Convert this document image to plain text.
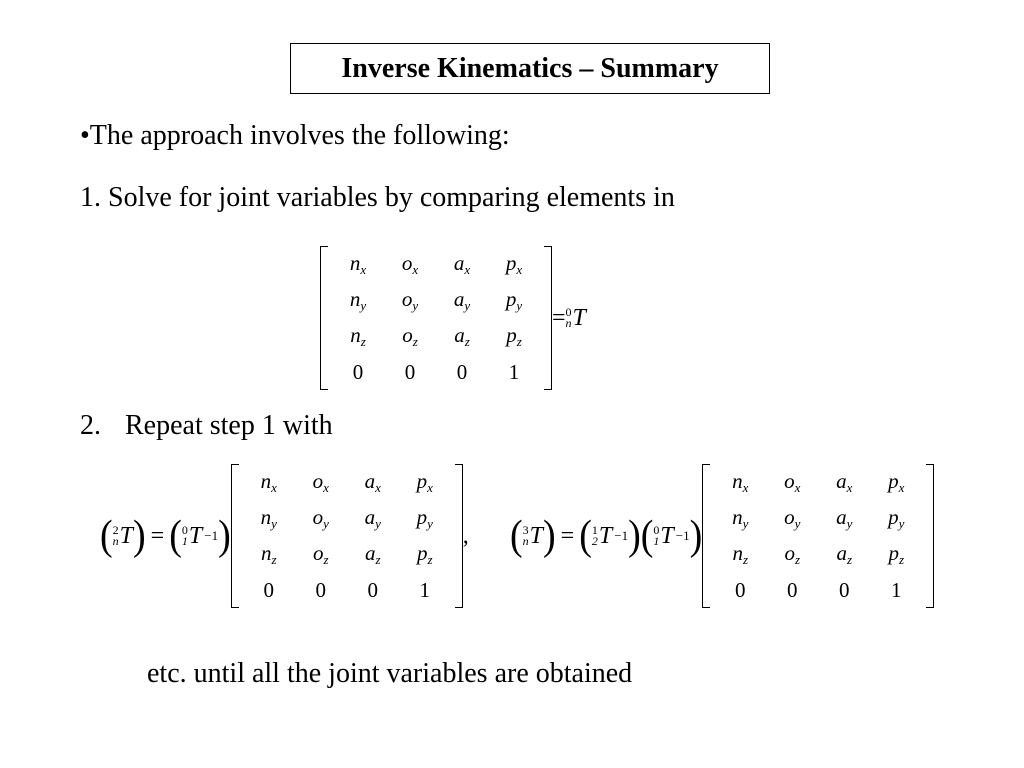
Inverse Kinematics – Summary
•The approach involves the following:
1. Solve for joint variables by comparing elements in
$n_x$	$o_x$	$a_x$	$p_x$
$n_y$	$o_y$	$a_y$	$p_y$
$n_z$	$o_z$	$a_z$	$p_z$
0	0	0	1
= 0
n T
2. Repeat step 1 with
( 2
n T ) = ( 0
1 T −1 )
$n_x$	$o_x$	$a_x$	$p_x$
$n_y$	$o_y$	$a_y$	$p_y$
$n_z$	$o_z$	$a_z$	$p_z$
0	0	0	1
, ( 3
n T ) = ( 1
2 T −1 ) ( 0
1 T −1 )
$n_x$	$o_x$	$a_x$	$p_x$
$n_y$	$o_y$	$a_y$	$p_y$
$n_z$	$o_z$	$a_z$	$p_z$
0	0	0	1
etc. until all the joint variables are obtained
